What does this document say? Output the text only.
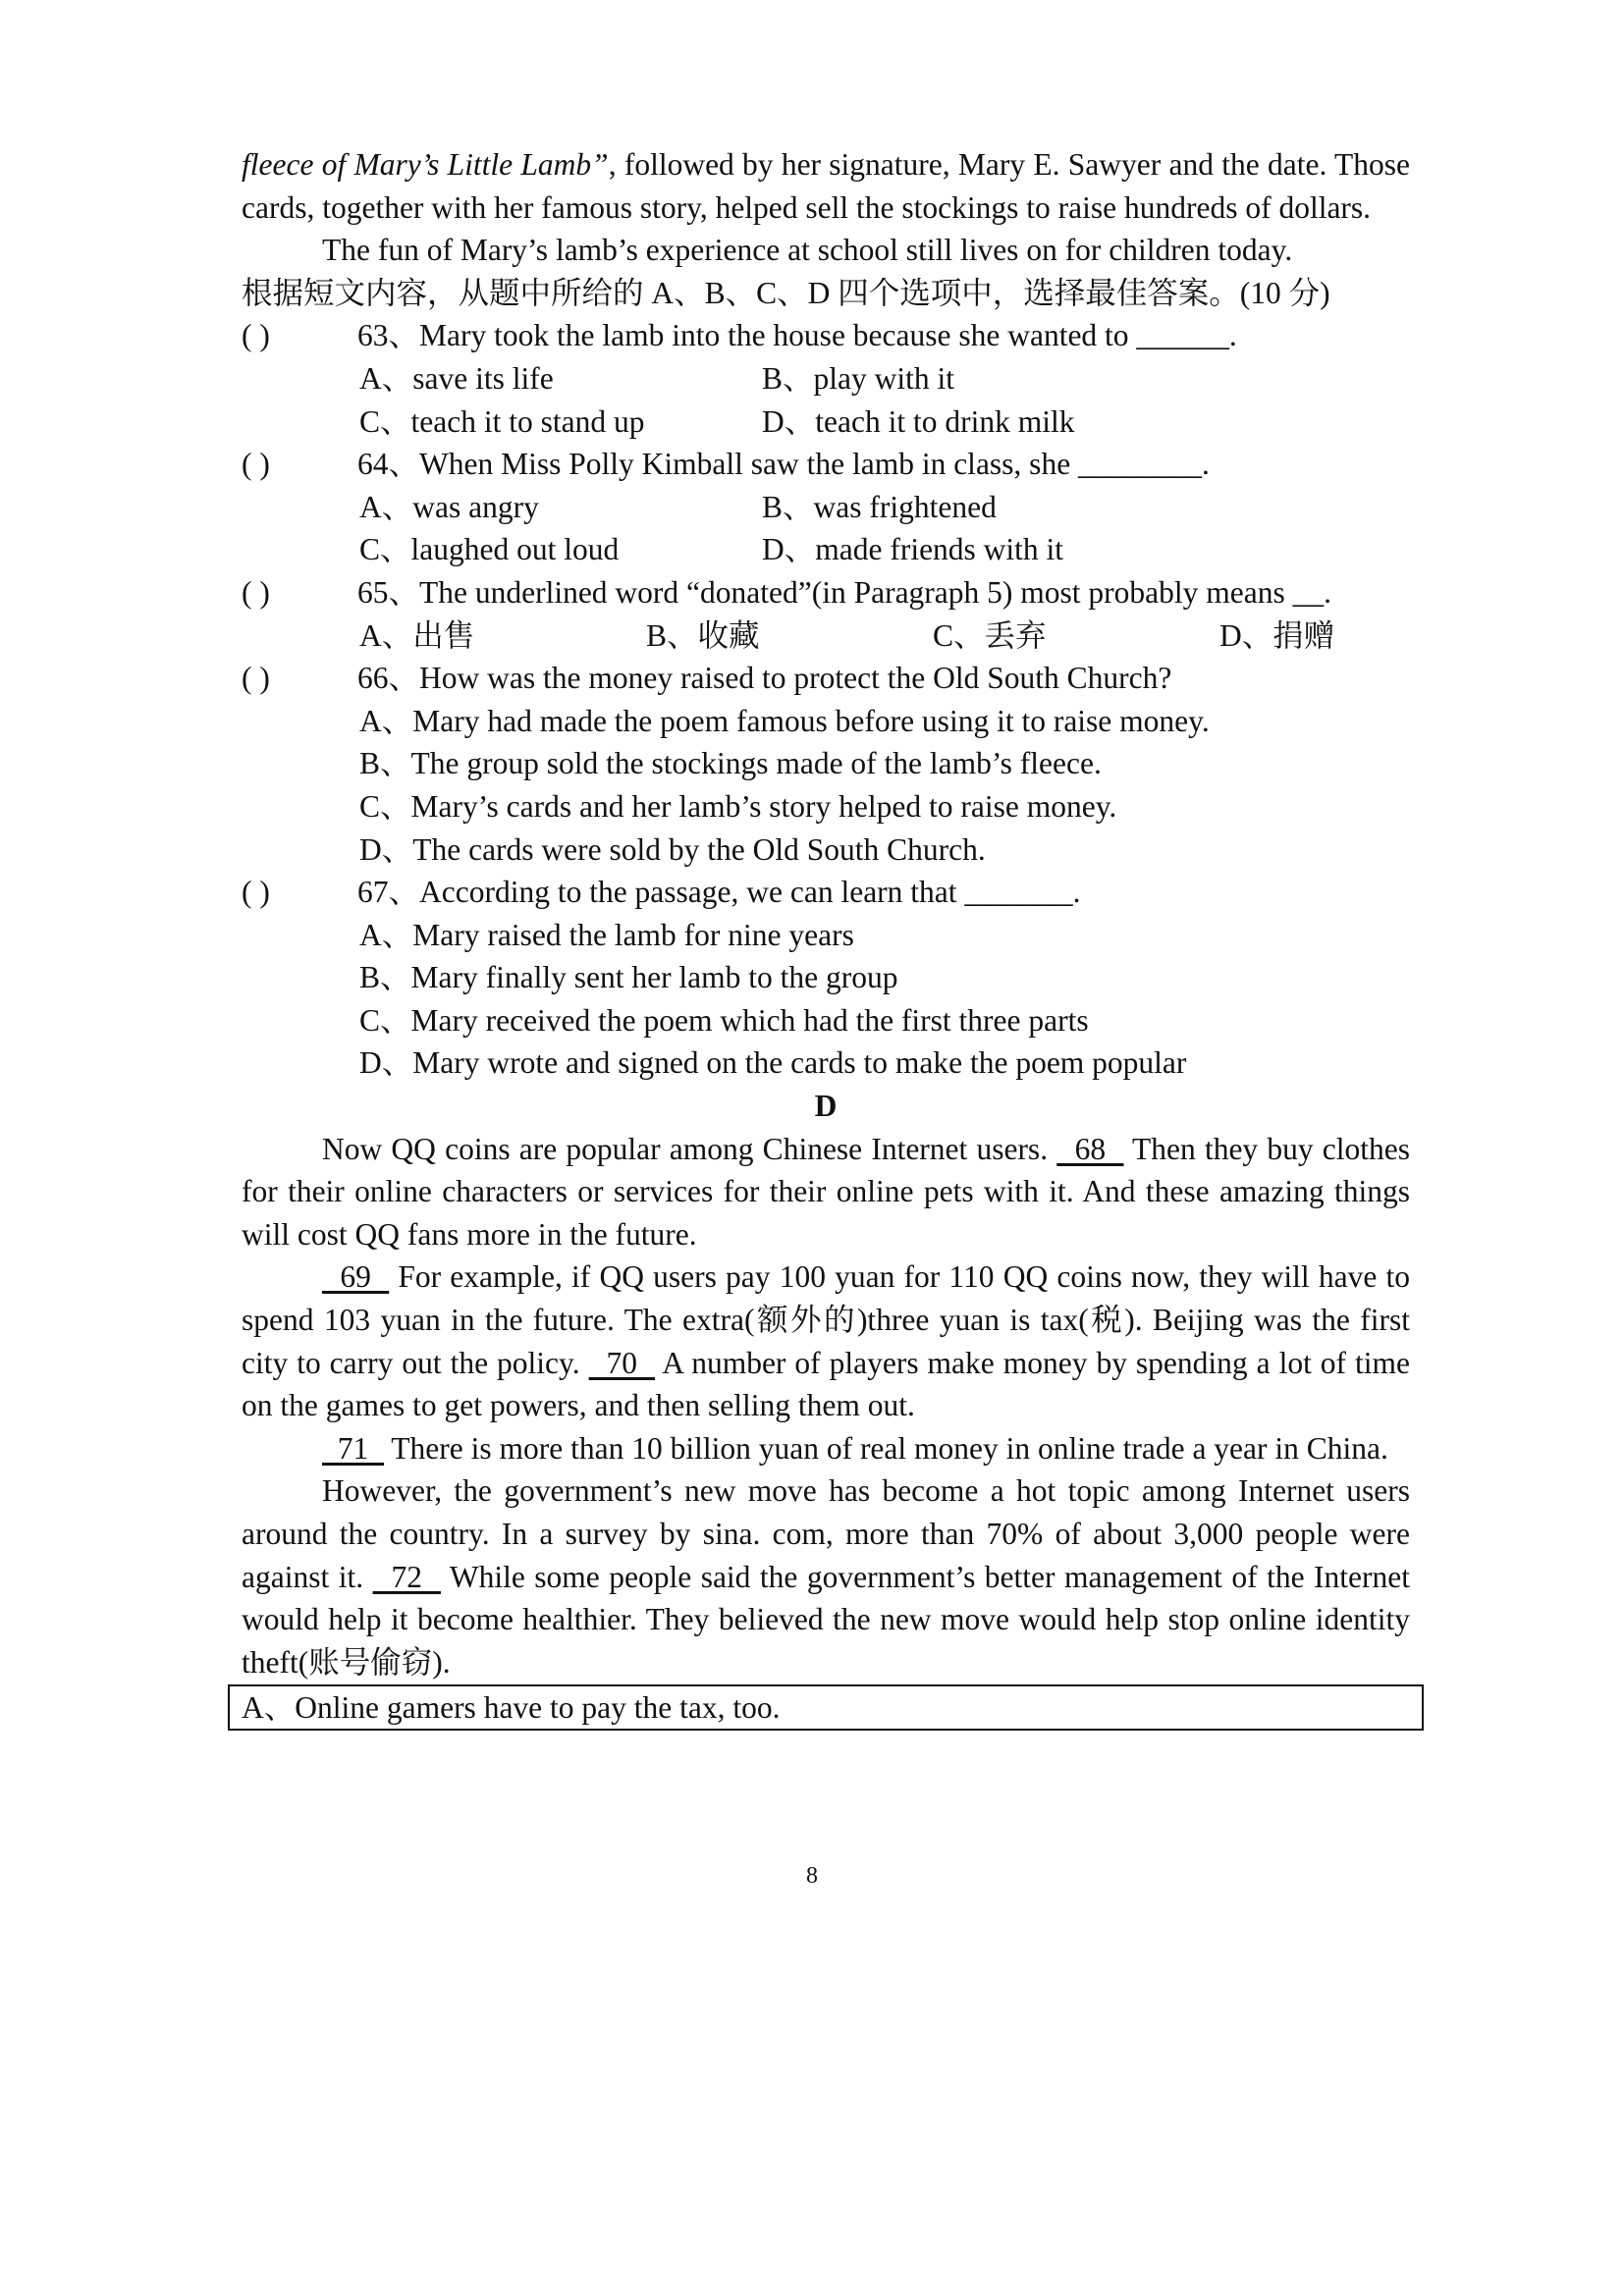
fleece of Mary’s Little Lamb”, followed by her signature, Mary E. Sawyer and the date. Those cards, together with her famous story, helped sell the stockings to raise hundreds of dollars.

The fun of Mary’s lamb’s experience at school still lives on for children today.

根据短文内容，从题中所给的 A、B、C、D 四个选项中，选择最佳答案。(10 分)

( )	63、Mary took the lamb into the house because she wanted to ______.

A、save its life	B、play with it

C、teach it to stand up	D、teach it to drink milk

( )	64、When Miss Polly Kimball saw the lamb in class, she ________.

A、was angry	B、was frightened

C、laughed out loud	D、made friends with it

( )	65、The underlined word “donated”(in Paragraph 5) most probably means __.

A、出售	B、收藏	C、丢弃	D、捐赠

( )	66、How was the money raised to protect the Old South Church?

A、Mary had made the poem famous before using it to raise money.

B、The group sold the stockings made of the lamb’s fleece.

C、Mary’s cards and her lamb’s story helped to raise money.

D、The cards were sold by the Old South Church.

( )	67、According to the passage, we can learn that _______.

A、Mary raised the lamb for nine years

B、Mary finally sent her lamb to the group

C、Mary received the poem which had the first three parts

D、Mary wrote and signed on the cards to make the poem popular

D

Now QQ coins are popular among Chinese Internet users.   68   Then they buy clothes for their online characters or services for their online pets with it. And these amazing things will cost QQ fans more in the future.

69   For example, if QQ users pay 100 yuan for 110 QQ coins now, they will have to spend 103 yuan in the future. The extra(额外的)three yuan is tax(税). Beijing was the first city to carry out the policy.   70   A number of players make money by spending a lot of time on the games to get powers, and then selling them out.

71   There is more than 10 billion yuan of real money in online trade a year in China.

However, the government’s new move has become a hot topic among Internet users around the country. In a survey by sina. com, more than 70% of about 3,000 people were against it.   72   While some people said the government’s better management of the Internet would help it become healthier. They believed the new move would help stop online identity theft(账号偷窃).

A、Online gamers have to pay the tax, too.
8
